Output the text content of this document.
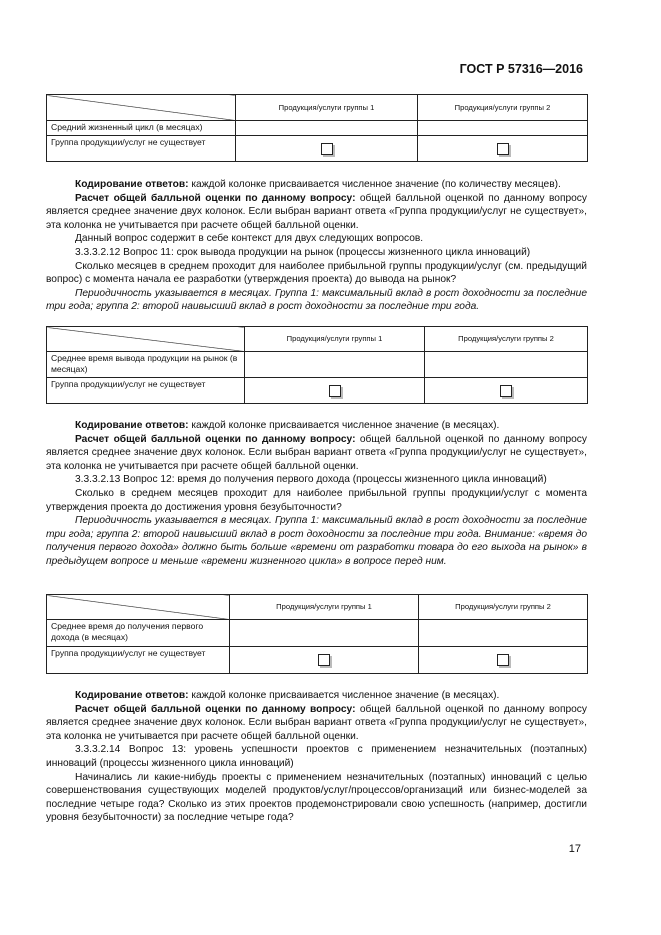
ГОСТ Р 57316—2016
	Продукция/услуги группы 1	Продукция/услуги группы 2
Средний жизненный цикл (в месяцах)		
Группа продукции/услуг не существует		

Кодирование ответов: каждой колонке присваивается численное значение (по количеству месяцев).

Расчет общей балльной оценки по данному вопросу: общей балльной оценкой по данному вопросу является среднее значение двух колонок. Если выбран вариант ответа «Группа продукции/услуг не существует», эта колонка не учитывается при расчете общей балльной оценки.

Данный вопрос содержит в себе контекст для двух следующих вопросов.

3.3.3.2.12 Вопрос 11: срок вывода продукции на рынок (процессы жизненного цикла инноваций)

Сколько месяцев в среднем проходит для наиболее прибыльной группы продукции/услуг (см. предыдущий вопрос) с момента начала ее разработки (утверждения проекта) до вывода на рынок?

Периодичность указывается в месяцах. Группа 1: максимальный вклад в рост доходности за последние три года; группа 2: второй наивысший вклад в рост доходности за последние три года.

	Продукция/услуги группы 1	Продукция/услуги группы 2
Среднее время вывода продукции на рынок (в месяцах)		
Группа продукции/услуг не существует		

Кодирование ответов: каждой колонке присваивается численное значение (в месяцах).

Расчет общей балльной оценки по данному вопросу: общей балльной оценкой по данному вопросу является среднее значение двух колонок. Если выбран вариант ответа «Группа продукции/услуг не существует», эта колонка не учитывается при расчете общей балльной оценки.

3.3.3.2.13 Вопрос 12: время до получения первого дохода (процессы жизненного цикла инноваций)

Сколько в среднем месяцев проходит для наиболее прибыльной группы продукции/услуг с момента утверждения проекта до достижения уровня безубыточности?

Периодичность указывается в месяцах. Группа 1: максимальный вклад в рост доходности за последние три года; группа 2: второй наивысший вклад в рост доходности за последние три года. Внимание: «время до получения первого дохода» должно быть больше «времени от разработки товара до его выхода на рынок» в предыдущем вопросе и меньше «времени жизненного цикла» в вопросе перед ним.

	Продукция/услуги группы 1	Продукция/услуги группы 2
Среднее время до получения первого дохода (в месяцах)		
Группа продукции/услуг не существует		

Кодирование ответов: каждой колонке присваивается численное значение (в месяцах).

Расчет общей балльной оценки по данному вопросу: общей балльной оценкой по данному вопросу является среднее значение двух колонок. Если выбран вариант ответа «Группа продукции/услуг не существует», эта колонка не учитывается при расчете общей балльной оценки.

3.3.3.2.14 Вопрос 13: уровень успешности проектов с применением незначительных (поэтапных) инноваций (процессы жизненного цикла инноваций)

Начинались ли какие-нибудь проекты с применением незначительных (поэтапных) инноваций с целью совершенствования существующих моделей продуктов/услуг/процессов/организаций или бизнес-моделей за последние четыре года? Сколько из этих проектов продемонстрировали свою успешность (например, достигли уровня безубыточности) за последние четыре года?

17
